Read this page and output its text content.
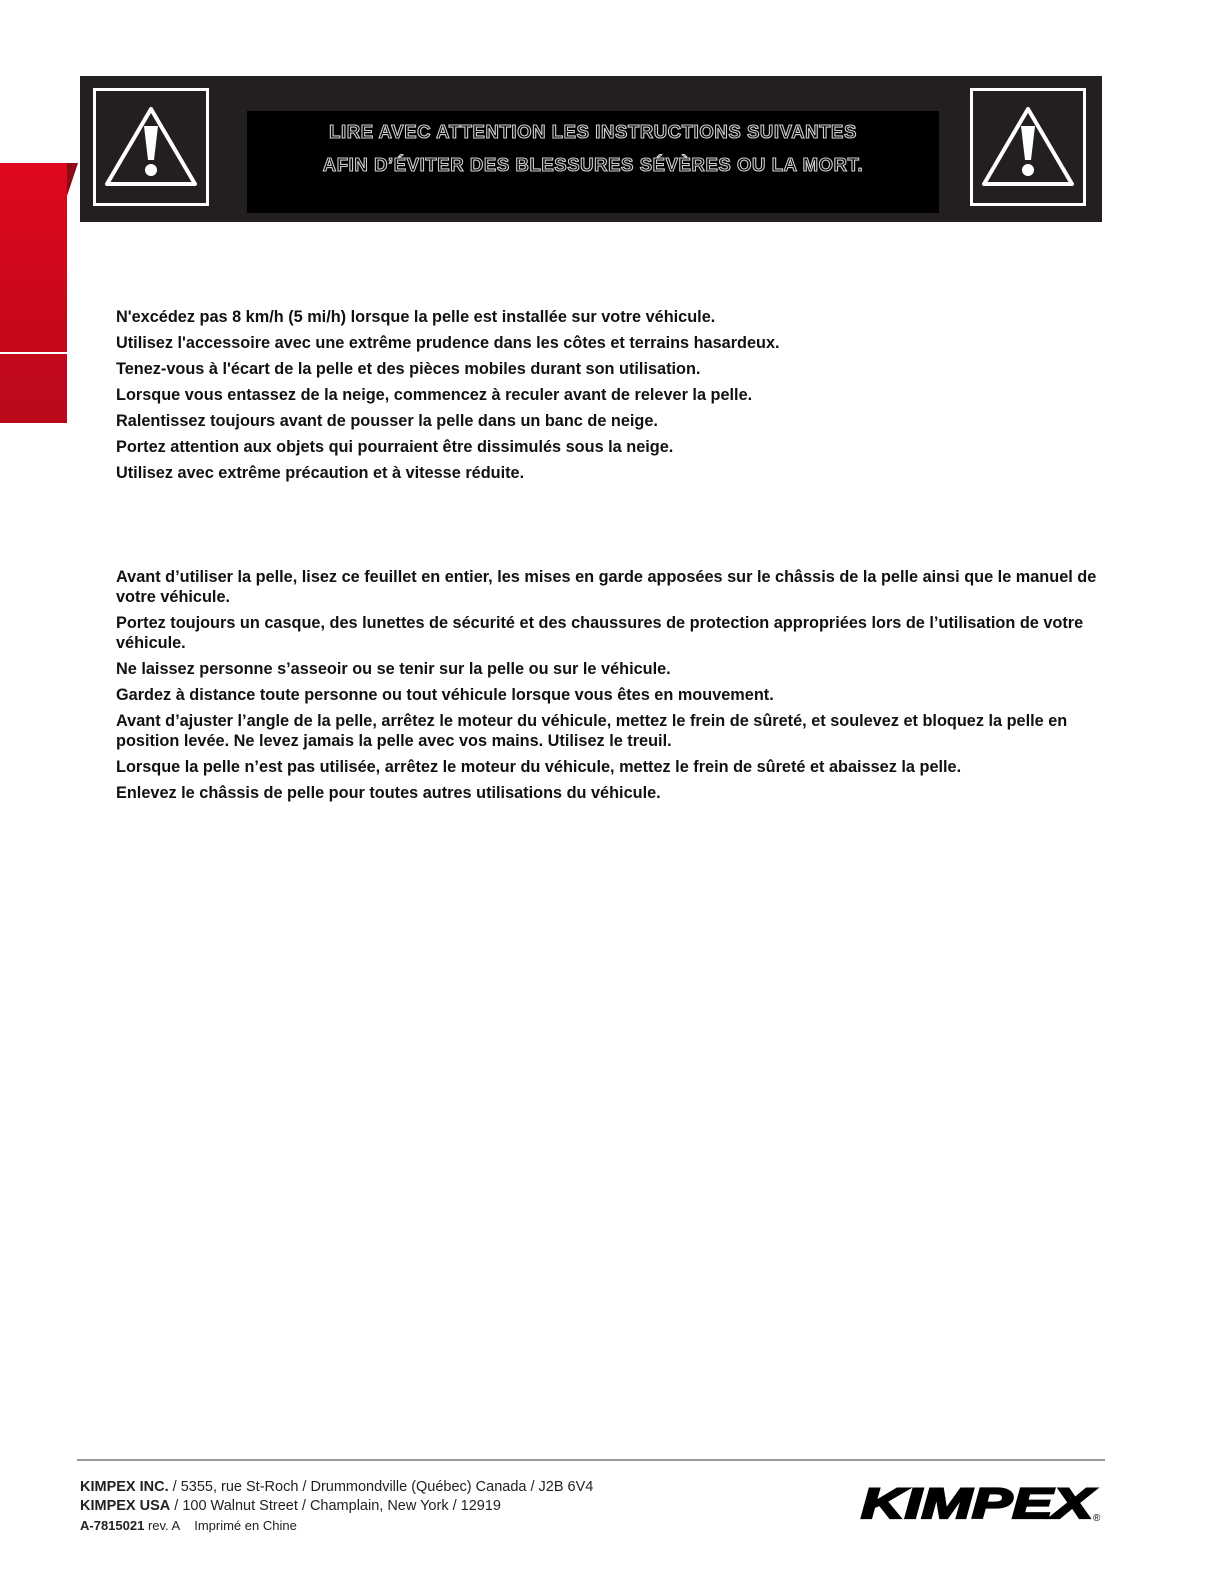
LIRE AVEC ATTENTION LES INSTRUCTIONS SUIVANTES
AFIN D’ÉVITER DES BLESSURES SÉVÈRES OU LA MORT.
N'excédez pas 8 km/h (5 mi/h) lorsque la pelle est installée sur votre véhicule.
Utilisez l'accessoire avec une extrême prudence dans les côtes et terrains hasardeux.
Tenez-vous à l'écart de la pelle et des pièces mobiles durant son utilisation.
Lorsque vous entassez de la neige, commencez à reculer avant de relever la pelle.
Ralentissez toujours avant de pousser la pelle dans un banc de neige.
Portez attention aux objets qui pourraient être dissimulés sous la neige.
Utilisez avec extrême précaution et à vitesse réduite.
Avant d’utiliser la pelle, lisez ce feuillet en entier, les mises en garde apposées sur le châssis de la pelle ainsi que le manuel de votre véhicule.
Portez toujours un casque, des lunettes de sécurité et des chaussures de protection appropriées lors de l’utilisation de votre véhicule.
Ne laissez personne s’asseoir ou se tenir sur la pelle ou sur le véhicule.
Gardez à distance toute personne ou tout véhicule lorsque vous êtes en mouvement.
Avant d’ajuster l’angle de la pelle, arrêtez le moteur du véhicule, mettez le frein de sûreté, et soulevez et bloquez la pelle en position levée. Ne levez jamais la pelle avec vos mains. Utilisez le treuil.
Lorsque la pelle n’est pas utilisée, arrêtez le moteur du véhicule, mettez le frein de sûreté et abaissez la pelle.
Enlevez le châssis de pelle pour toutes autres utilisations du véhicule.
KIMPEX INC. / 5355, rue St-Roch / Drummondville (Québec) Canada / J2B 6V4
KIMPEX USA / 100 Walnut Street / Champlain, New York / 12919
A-7815021 rev. A Imprimé en Chine	KIMPEX
®
